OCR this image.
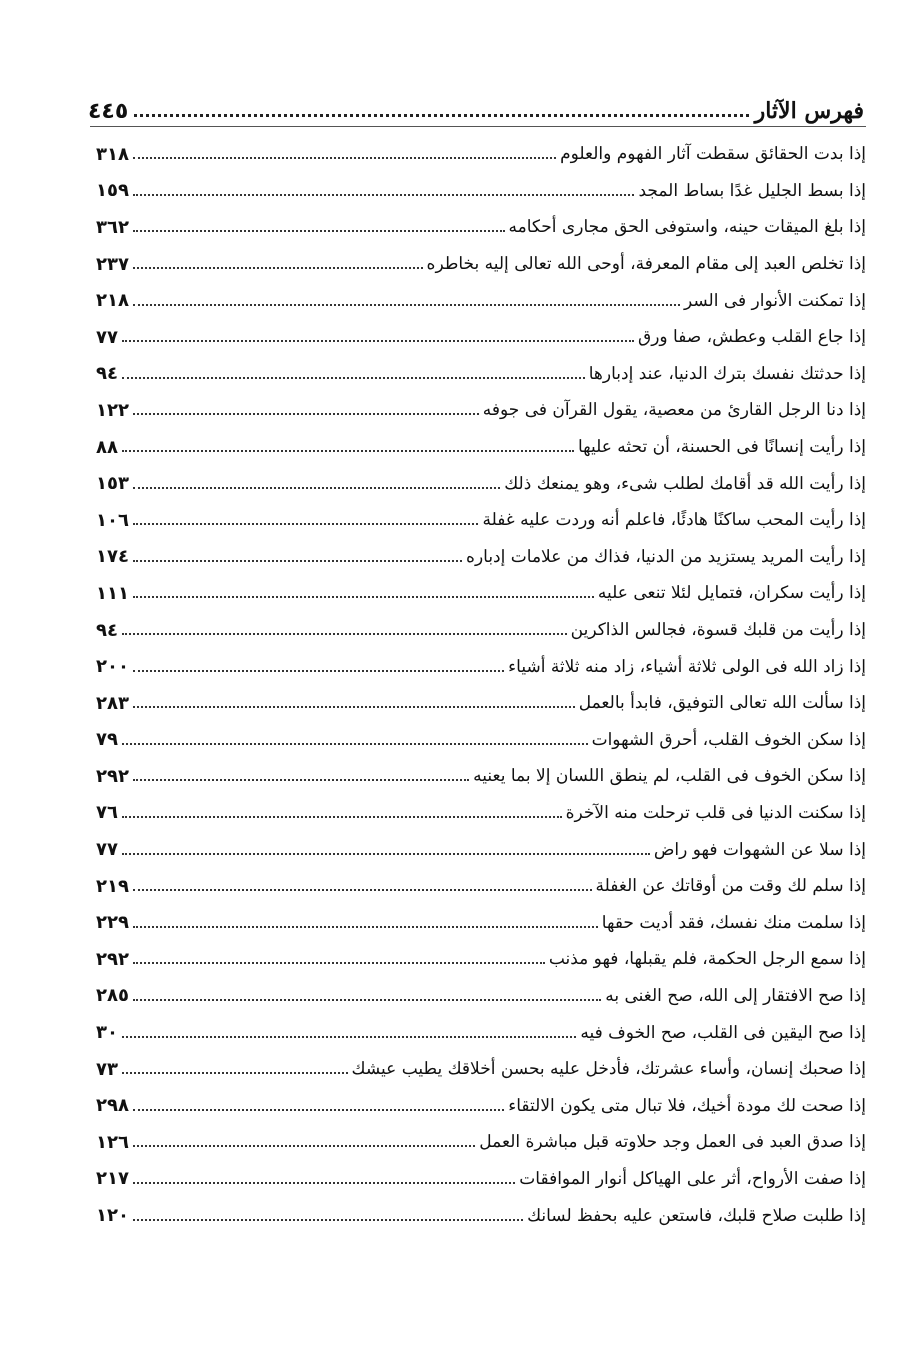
فهرس الآثار
٤٤٥
إذا بدت الحقائق سقطت آثار الفهوم والعلوم
٣١٨
إذا بسط الجليل غدًا بساط المجد
١٥٩
إذا بلغ الميقات حينه، واستوفى الحق مجارى أحكامه
٣٦٢
إذا تخلص العبد إلى مقام المعرفة، أوحى الله تعالى إليه بخاطره
٢٣٧
إذا تمكنت الأنوار فى السر
٢١٨
إذا جاع القلب وعطش، صفا ورق
٧٧
إذا حدثتك نفسك بترك الدنيا، عند إدبارها
٩٤
إذا دنا الرجل القارئ من معصية، يقول القرآن فى جوفه
١٢٢
إذا رأيت إنسانًا فى الحسنة، أن تحثه عليها
٨٨
إذا رأيت الله قد أقامك لطلب شىء، وهو يمنعك ذلك
١٥٣
إذا رأيت المحب ساكنًا هادئًا، فاعلم أنه وردت عليه غفلة
١٠٦
إذا رأيت المريد يستزيد من الدنيا، فذاك من علامات إدباره
١٧٤
إذا رأيت سكران، فتمايل لئلا تنعى عليه
١١١
إذا رأيت من قلبك قسوة، فجالس الذاكرين
٩٤
إذا زاد الله فى الولى ثلاثة أشياء، زاد منه ثلاثة أشياء
٢٠٠
إذا سألت الله تعالى التوفيق، فابدأ بالعمل
٢٨٣
إذا سكن الخوف القلب، أحرق الشهوات
٧٩
إذا سكن الخوف فى القلب، لم ينطق اللسان إلا بما يعنيه
٢٩٢
إذا سكنت الدنيا فى قلب ترحلت منه الآخرة
٧٦
إذا سلا عن الشهوات فهو راض
٧٧
إذا سلم لك وقت من أوقاتك عن الغفلة
٢١٩
إذا سلمت منك نفسك، فقد أديت حقها
٢٢٩
إذا سمع الرجل الحكمة، فلم يقبلها، فهو مذنب
٢٩٢
إذا صح الافتقار إلى الله، صح الغنى به
٢٨٥
إذا صح اليقين فى القلب، صح الخوف فيه
٣٠
إذا صحبك إنسان، وأساء عشرتك، فأدخل عليه بحسن أخلاقك يطيب عيشك
٧٣
إذا صحت لك مودة أخيك، فلا تبال متى يكون الالتقاء
٢٩٨
إذا صدق العبد فى العمل وجد حلاوته قبل مباشرة العمل
١٢٦
إذا صفت الأرواح، أثر على الهياكل أنوار الموافقات
٢١٧
إذا طلبت صلاح قلبك، فاستعن عليه بحفظ لسانك
١٢٠
